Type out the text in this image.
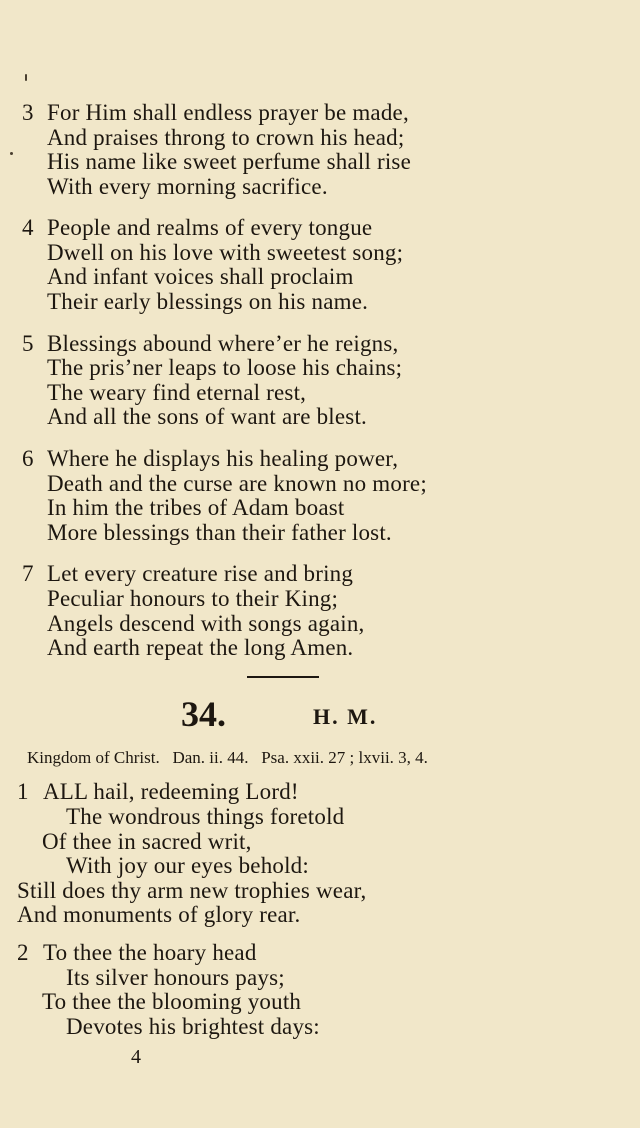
3 For Him shall endless prayer be made,
And praises throng to crown his head;
His name like sweet perfume shall rise
With every morning sacrifice.
4 People and realms of every tongue
Dwell on his love with sweetest song;
And infant voices shall proclaim
Their early blessings on his name.
5 Blessings abound where’er he reigns,
The pris’ner leaps to loose his chains;
The weary find eternal rest,
And all the sons of want are blest.
6 Where he displays his healing power,
Death and the curse are known no more;
In him the tribes of Adam boast
More blessings than their father lost.
7 Let every creature rise and bring
Peculiar honours to their King;
Angels descend with songs again,
And earth repeat the long Amen.
34.	H. M.
Kingdom of Christ.   Dan. ii. 44.   Psa. xxii. 27 ; lxvii. 3, 4.
1 ALL hail, redeeming Lord!
The wondrous things foretold
Of thee in sacred writ,
With joy our eyes behold:
Still does thy arm new trophies wear,
And monuments of glory rear.
2 To thee the hoary head
Its silver honours pays;
To thee the blooming youth
Devotes his brightest days:
4
